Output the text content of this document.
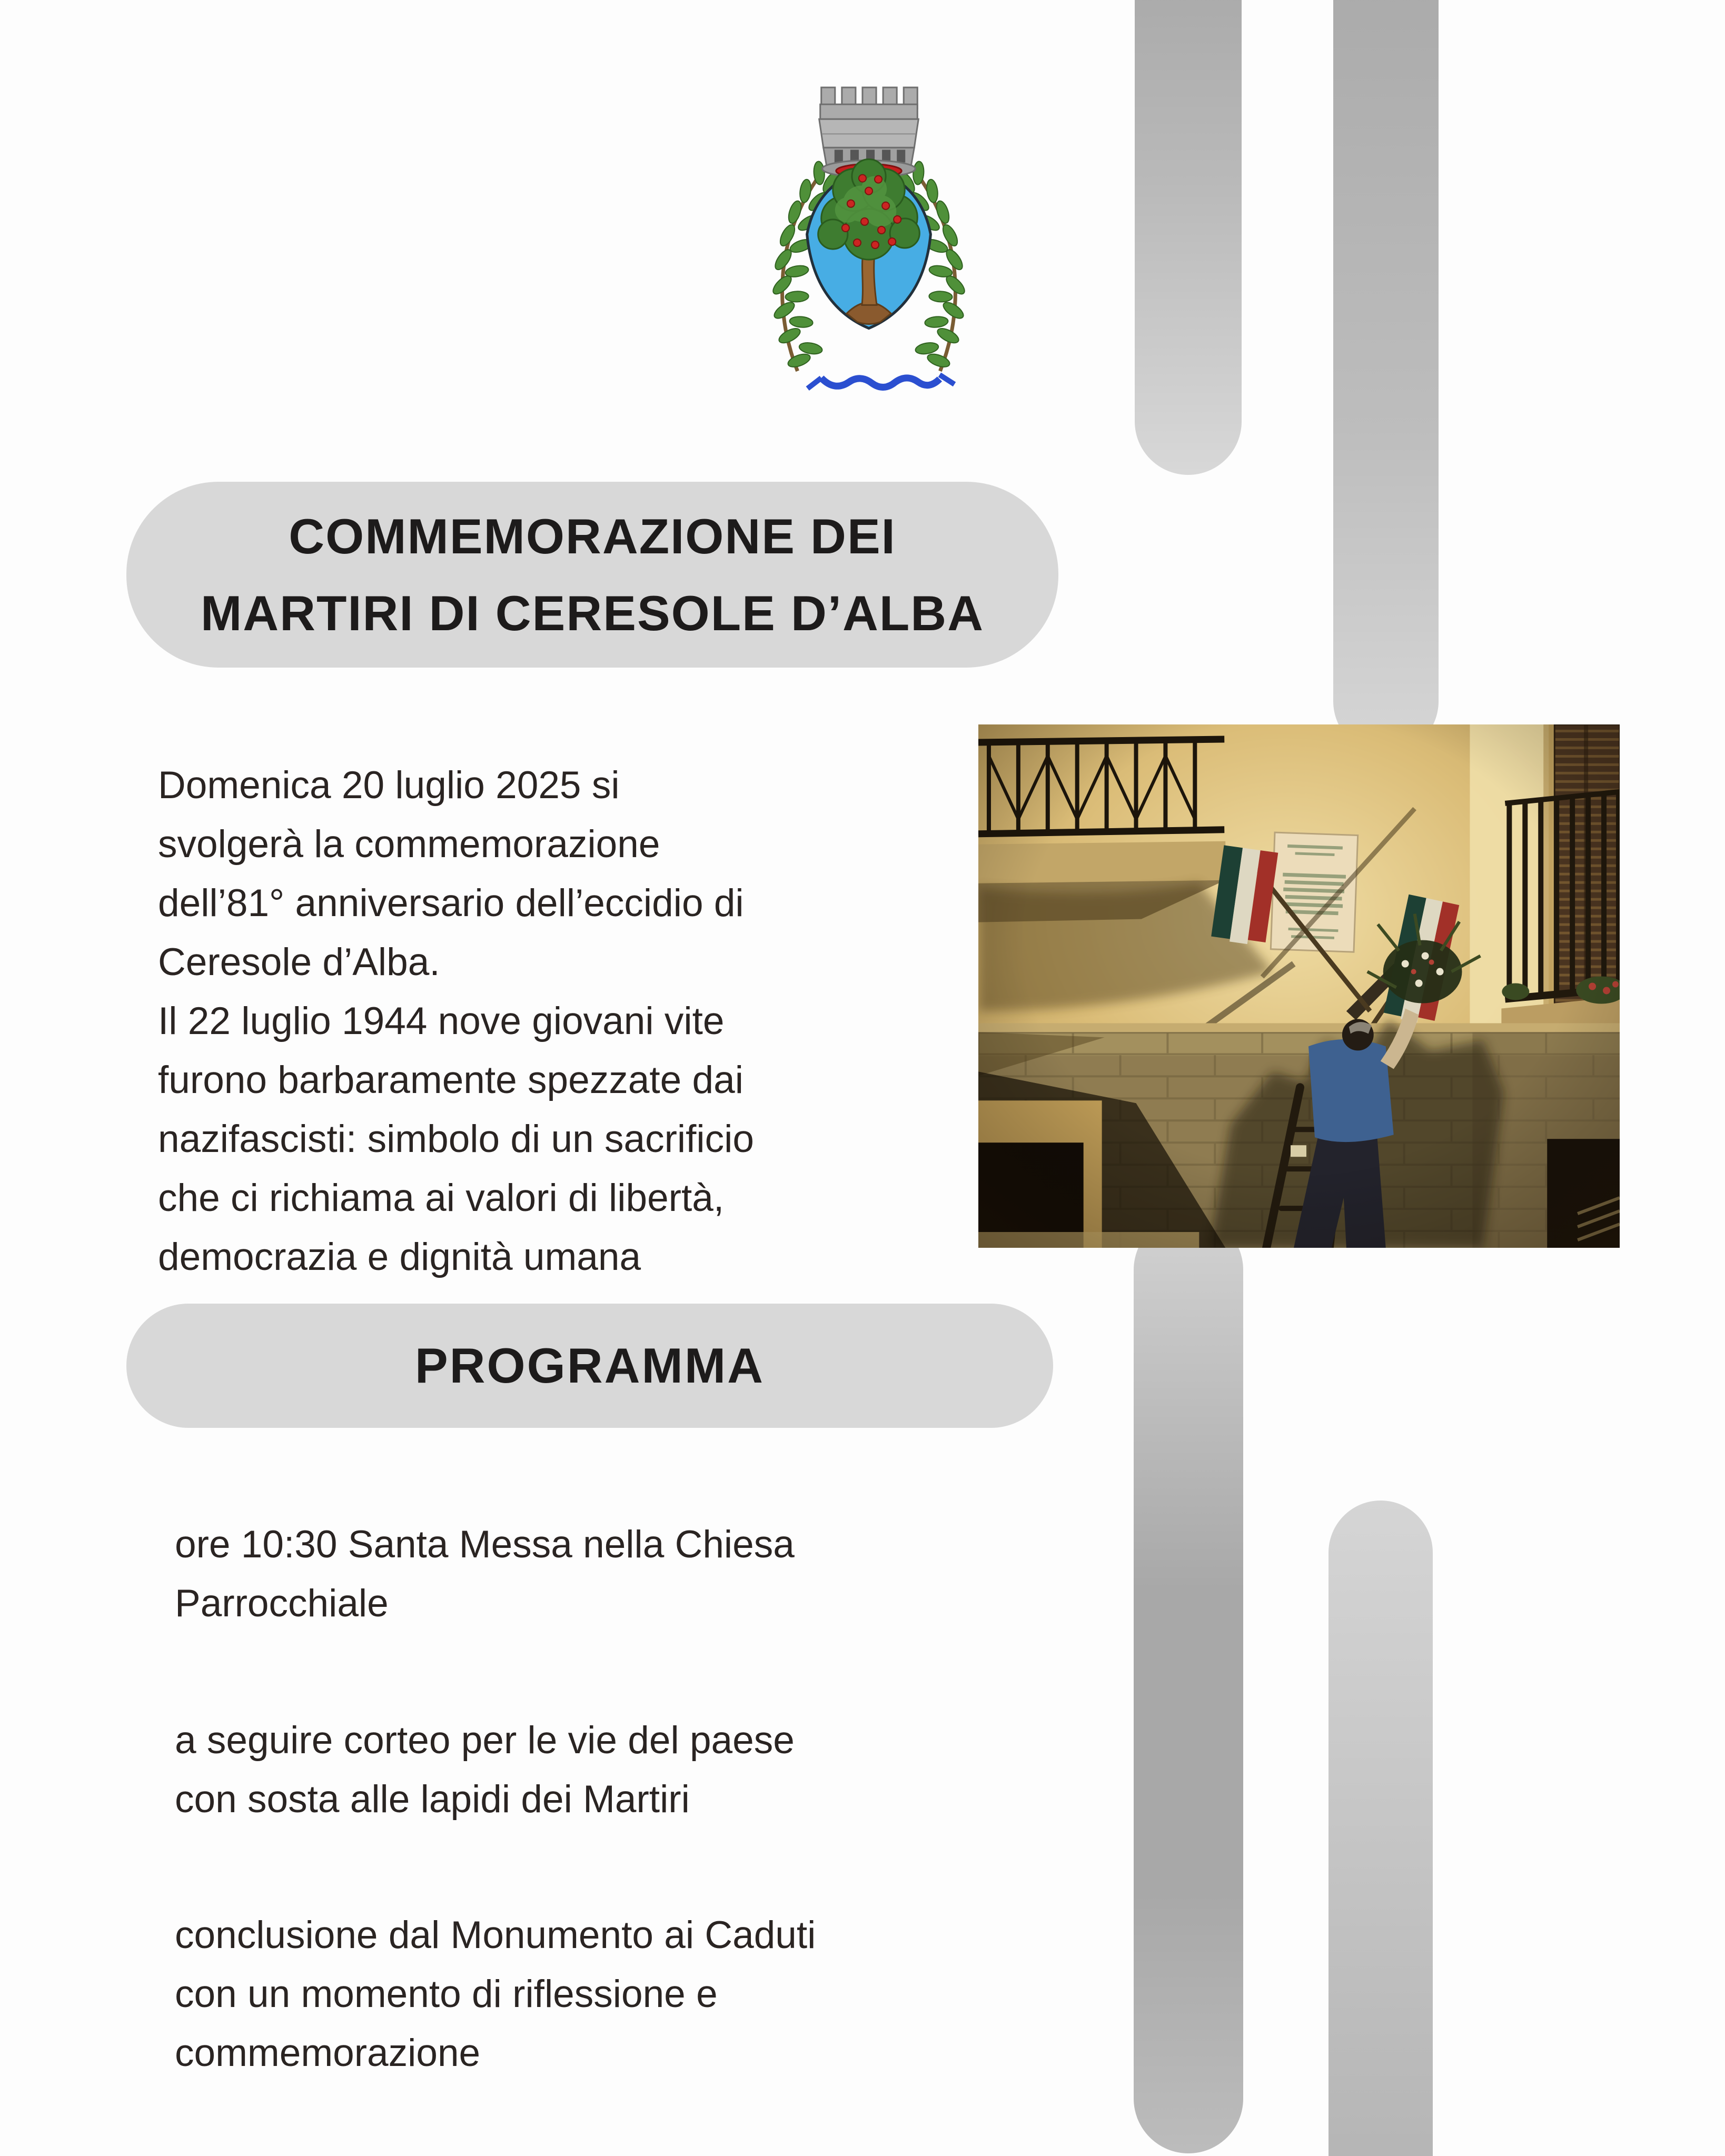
COMMEMORAZIONE DEI
MARTIRI DI CERESOLE D’ALBA
Domenica 20 luglio 2025 si
svolgerà la commemorazione
dell’81° anniversario dell’eccidio di
Ceresole d’Alba.
Il 22 luglio 1944 nove giovani vite
furono barbaramente spezzate dai
nazifascisti: simbolo di un sacrificio
che ci richiama ai valori di libertà,
democrazia e dignità umana
PROGRAMMA
ore 10:30 Santa Messa nella Chiesa
Parrocchiale
a seguire corteo per le vie del paese
con sosta alle lapidi dei Martiri
conclusione dal Monumento ai Caduti
con un momento di riflessione e
commemorazione
